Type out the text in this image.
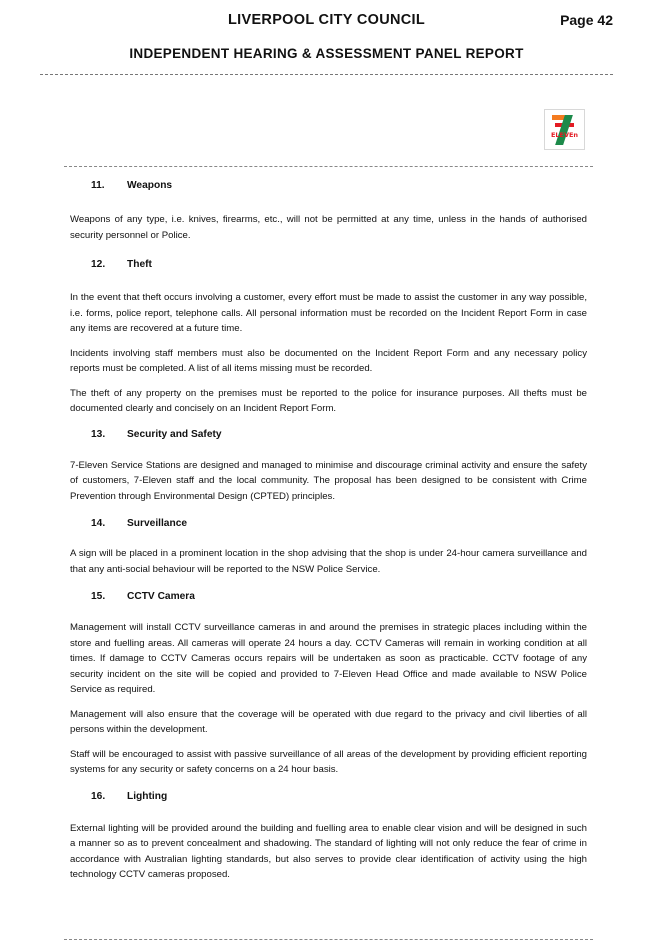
LIVERPOOL CITY COUNCIL	Page 42
INDEPENDENT HEARING & ASSESSMENT PANEL REPORT
ELEVEn
11. Weapons

Weapons of any type, i.e. knives, firearms, etc., will not be permitted at any time, unless in the hands of authorised security personnel or Police.

12. Theft

In the event that theft occurs involving a customer, every effort must be made to assist the customer in any way possible, i.e. forms, police report, telephone calls. All personal information must be recorded on the Incident Report Form in case any items are recovered at a future time.

Incidents involving staff members must also be documented on the Incident Report Form and any necessary policy reports must be completed. A list of all items missing must be recorded.

The theft of any property on the premises must be reported to the police for insurance purposes. All thefts must be documented clearly and concisely on an Incident Report Form.

13. Security and Safety

7-Eleven Service Stations are designed and managed to minimise and discourage criminal activity and ensure the safety of customers, 7-Eleven staff and the local community. The proposal has been designed to be consistent with Crime Prevention through Environmental Design (CPTED) principles.

14. Surveillance

A sign will be placed in a prominent location in the shop advising that the shop is under 24-hour camera surveillance and that any anti-social behaviour will be reported to the NSW Police Service.

15. CCTV Camera

Management will install CCTV surveillance cameras in and around the premises in strategic places including within the store and fuelling areas. All cameras will operate 24 hours a day. CCTV Cameras will remain in working condition at all times. If damage to CCTV Cameras occurs repairs will be undertaken as soon as practicable. CCTV footage of any security incident on the site will be copied and provided to 7-Eleven Head Office and made available to NSW Police Service as required.

Management will also ensure that the coverage will be operated with due regard to the privacy and civil liberties of all persons within the development.

Staff will be encouraged to assist with passive surveillance of all areas of the development by providing efficient reporting systems for any security or safety concerns on a 24 hour basis.

16. Lighting

External lighting will be provided around the building and fuelling area to enable clear vision and will be designed in such a manner so as to prevent concealment and shadowing. The standard of lighting will not only reduce the fear of crime in accordance with Australian lighting standards, but also serves to provide clear identification of activity using the high technology CCTV cameras proposed.
